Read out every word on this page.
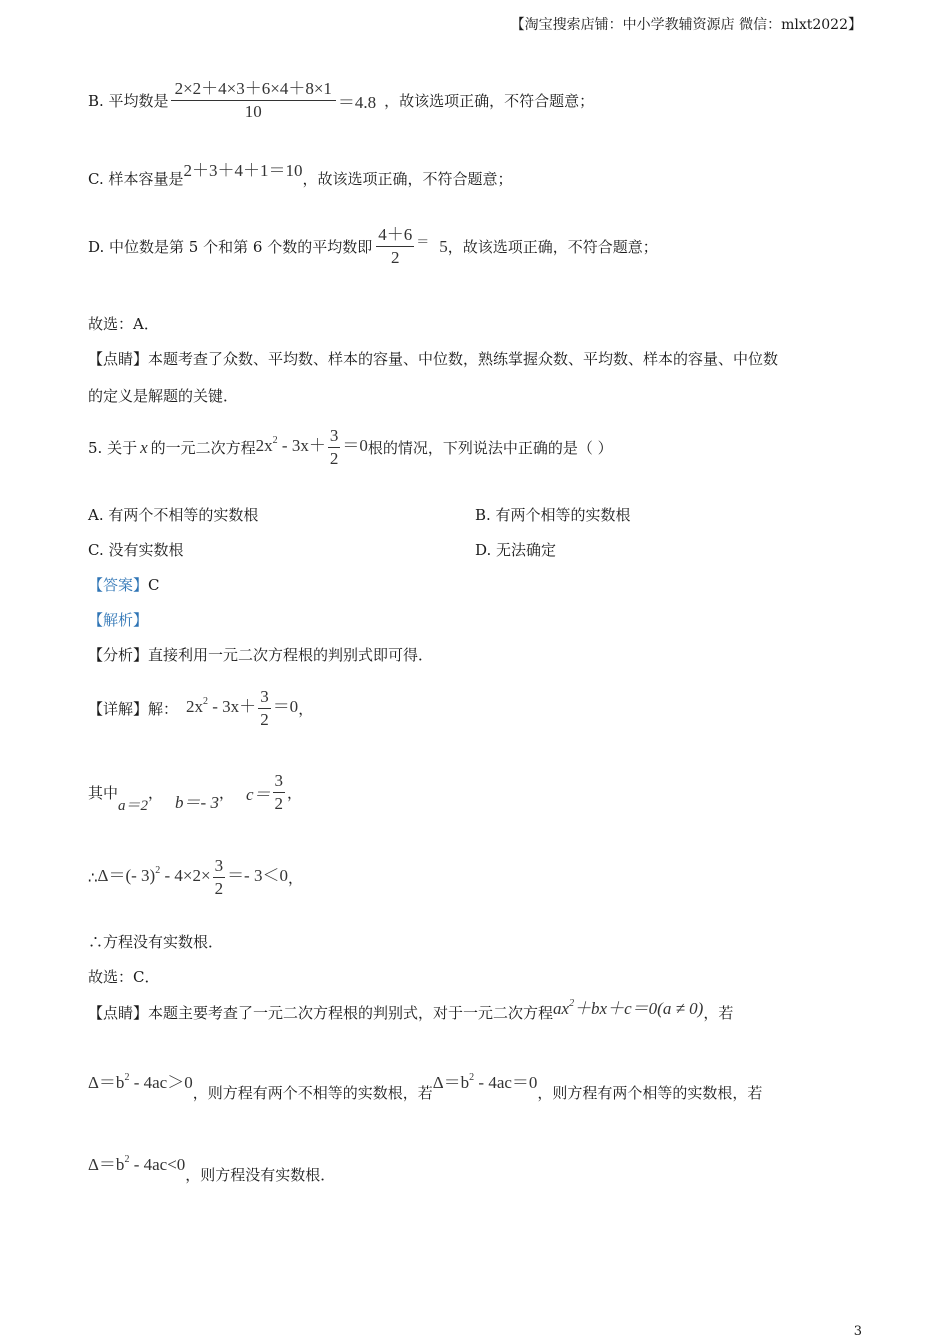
【淘宝搜索店铺：中小学教辅资源店 微信：mlxt2022】
B. 平均数是 $\frac{2\times 2+4\times 3+6\times 4+8\times 1}{10} =4.8$ ，故该选项正确，不符合题意；
C. 样本容量是2＋3＋4＋1＝10，故该选项正确，不符合题意；
D. 中位数是第 5 个和第 6 个数的平均数即 $\frac{4+6}{2} = 5$，故该选项正确，不符合题意；
故选：A．
【点睛】本题考查了众数、平均数、样本的容量、中位数，熟练掌握众数、平均数、样本的容量、中位数
的定义是解题的关键．
5. 关于 x 的一元二次方程$2x^2 - 3x+ \frac{3}{2} =0$根的情况，下列说法中正确的是（ ）
A. 有两个不相等的实数根	B. 有两个相等的实数根
C. 没有实数根	D. 无法确定
【答案】C
【解析】
【分析】直接利用一元二次方程根的判别式即可得．
【详解】解： $2x^2 - 3x+ \frac{3}{2} =0$，
其中a＝2， b＝- 3， $c= \frac{3}{2}$ ，
∴Δ＝(- $3)^2 - 4\times 2\times \frac{3}{2} =- 3<0$，
∴方程没有实数根．
故选：C．
【点睛】本题主要考查了一元二次方程根的判别式，对于一元二次方程$ax^2+bx+c=0(a \ne 0)$，若
$\Delta=b^2 - 4ac>0$，则方程有两个不相等的实数根，若$\Delta=b^2 - 4ac=0$，则方程有两个相等的实数根，若
$\Delta=b^2 - 4ac<0$，则方程没有实数根．
3
